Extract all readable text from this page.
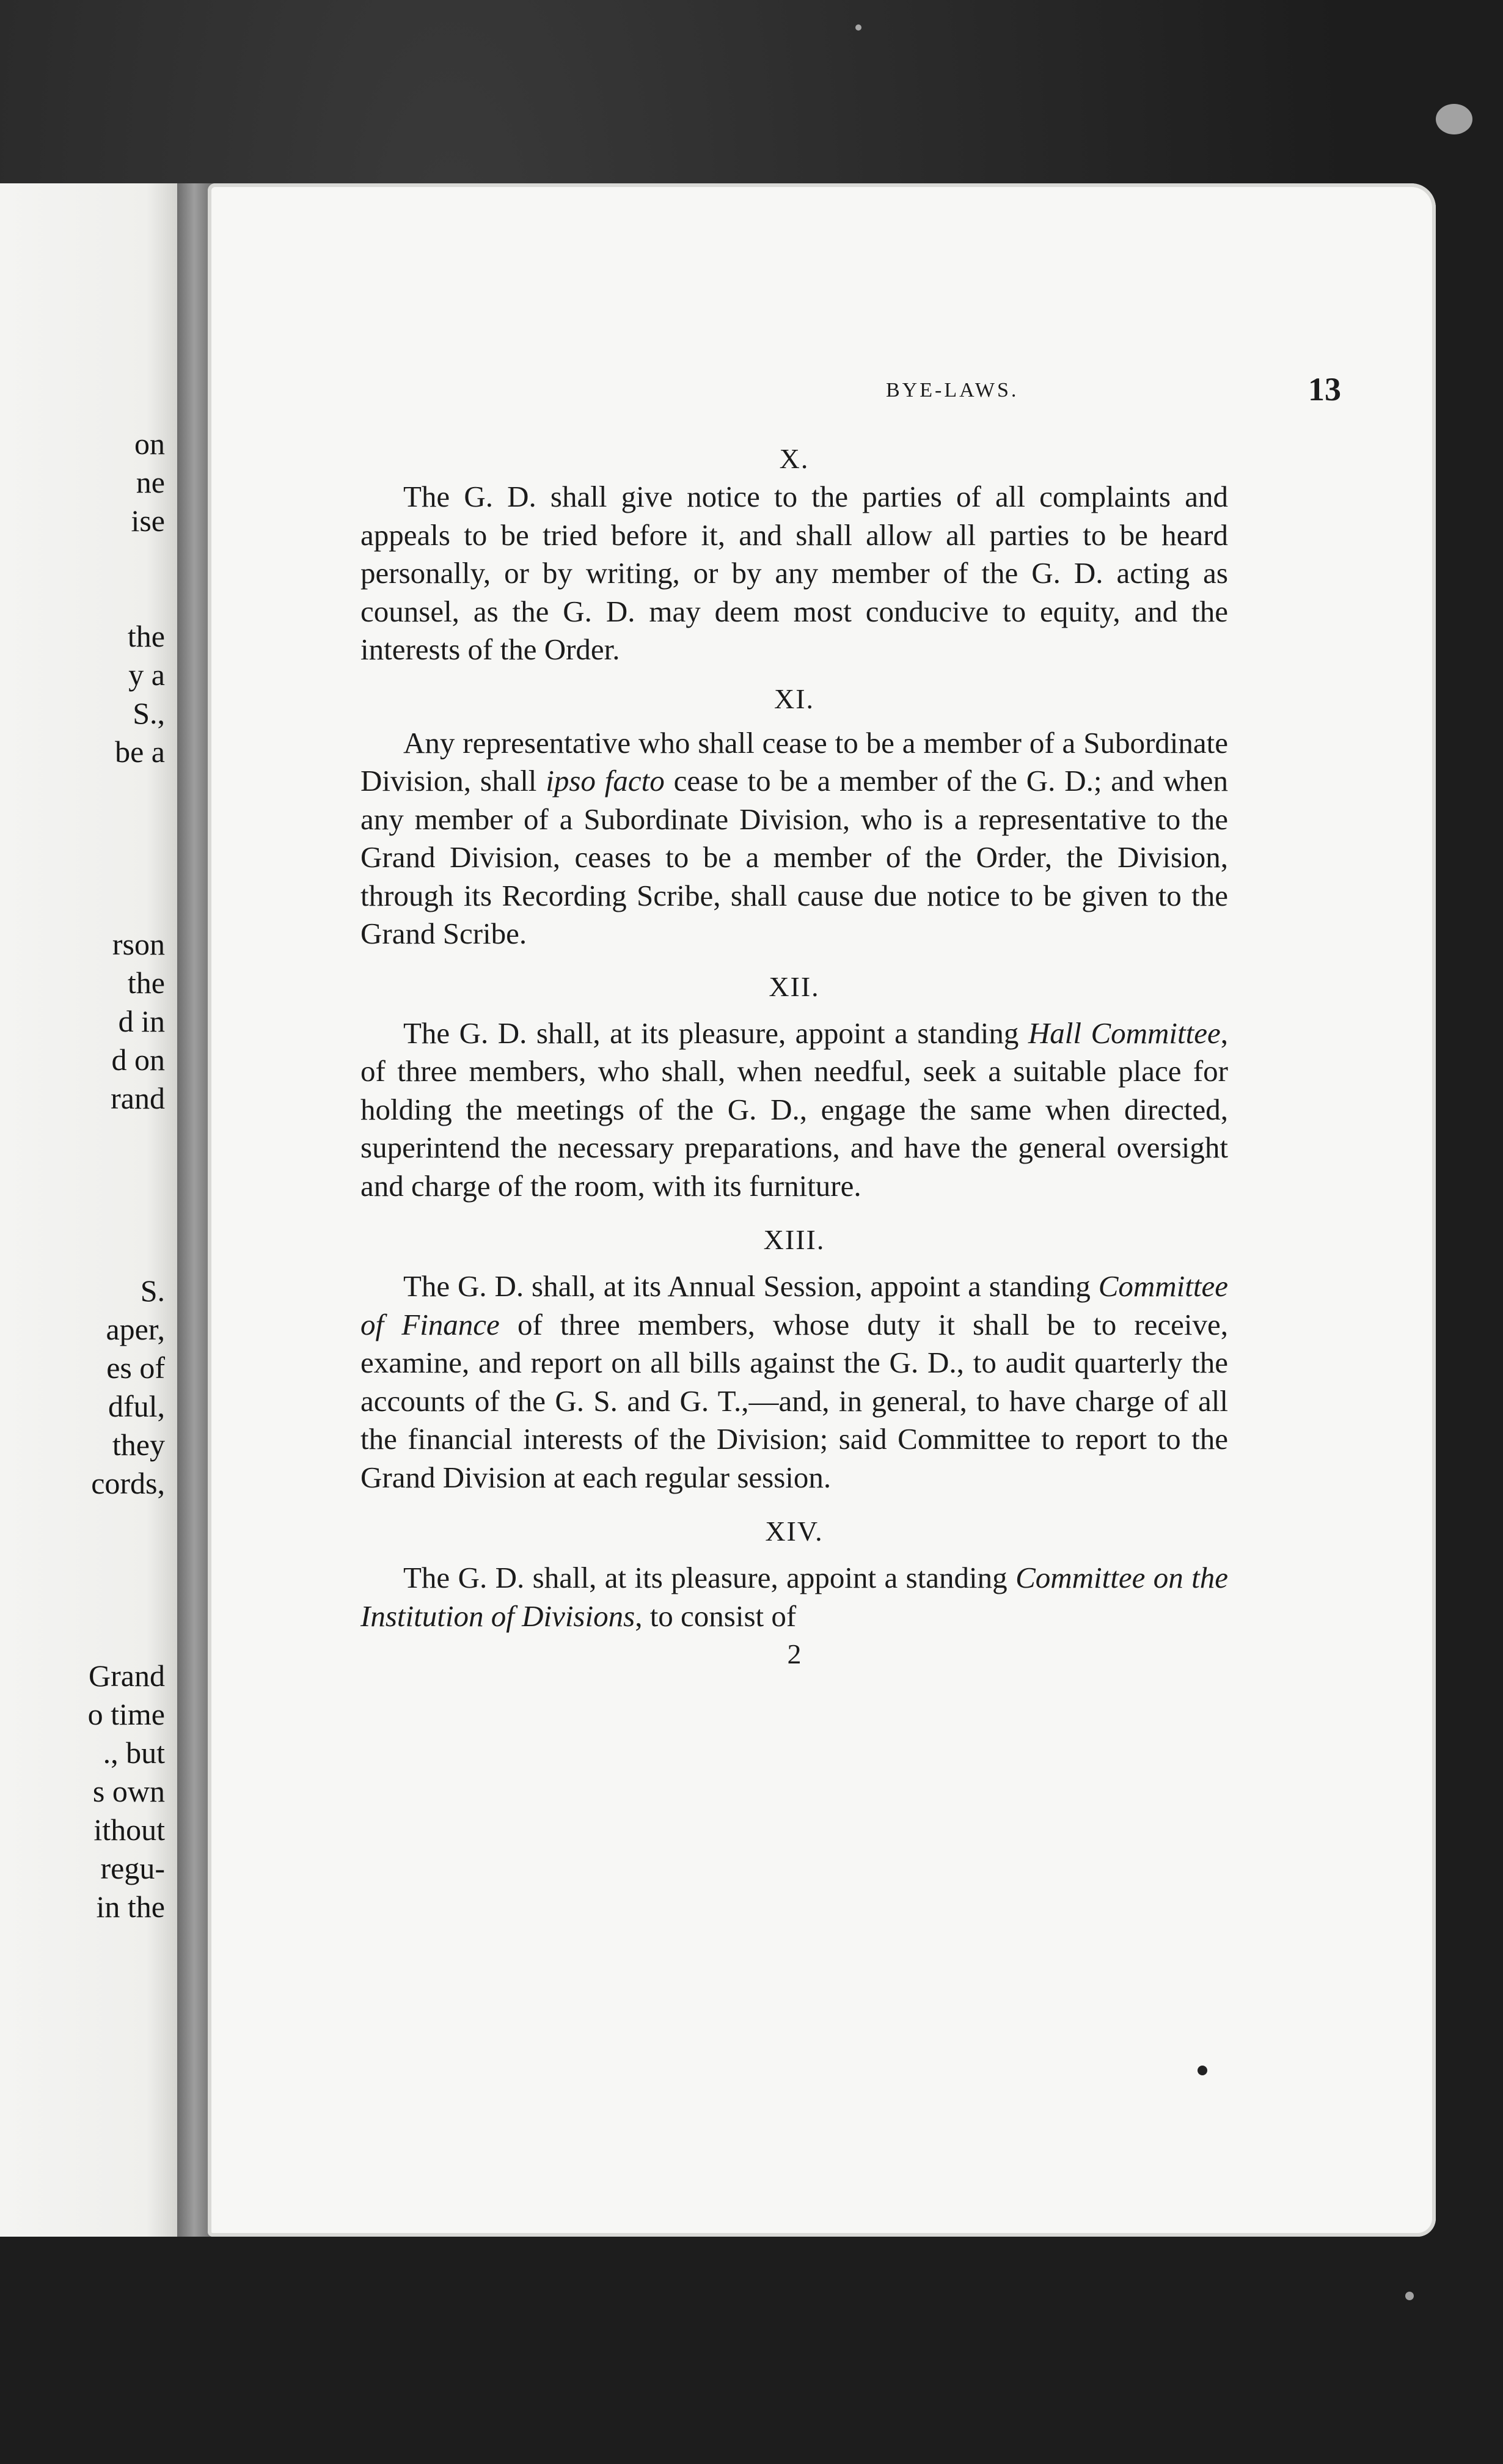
on
ne
ise
the
y a
S.,
be a
rson
the
d in
d on
rand
S.
aper,
es of
dful,
they
cords,
Grand
o time
., but
s own
ithout
regu-
in the
BYE-LAWS.	13

X.

The G. D. shall give notice to the parties of all complaints and appeals to be tried before it, and shall allow all parties to be heard personally, or by writing, or by any member of the G. D. acting as counsel, as the G. D. may deem most conducive to equity, and the interests of the Order.

XI.

Any representative who shall cease to be a member of a Subordinate Division, shall ipso facto cease to be a member of the G. D.; and when any member of a Subordinate Division, who is a representative to the Grand Division, ceases to be a member of the Order, the Division, through its Recording Scribe, shall cause due notice to be given to the Grand Scribe.

XII.

The G. D. shall, at its pleasure, appoint a standing Hall Committee, of three members, who shall, when needful, seek a suitable place for holding the meetings of the G. D., engage the same when directed, superintend the necessary preparations, and have the general oversight and charge of the room, with its furniture.

XIII.

The G. D. shall, at its Annual Session, appoint a standing Committee of Finance of three members, whose duty it shall be to receive, examine, and report on all bills against the G. D., to audit quarterly the accounts of the G. S. and G. T.,—and, in general, to have charge of all the financial interests of the Division; said Committee to report to the Grand Division at each regular session.

XIV.

The G. D. shall, at its pleasure, appoint a standing Committee on the Institution of Divisions, to consist of

2
